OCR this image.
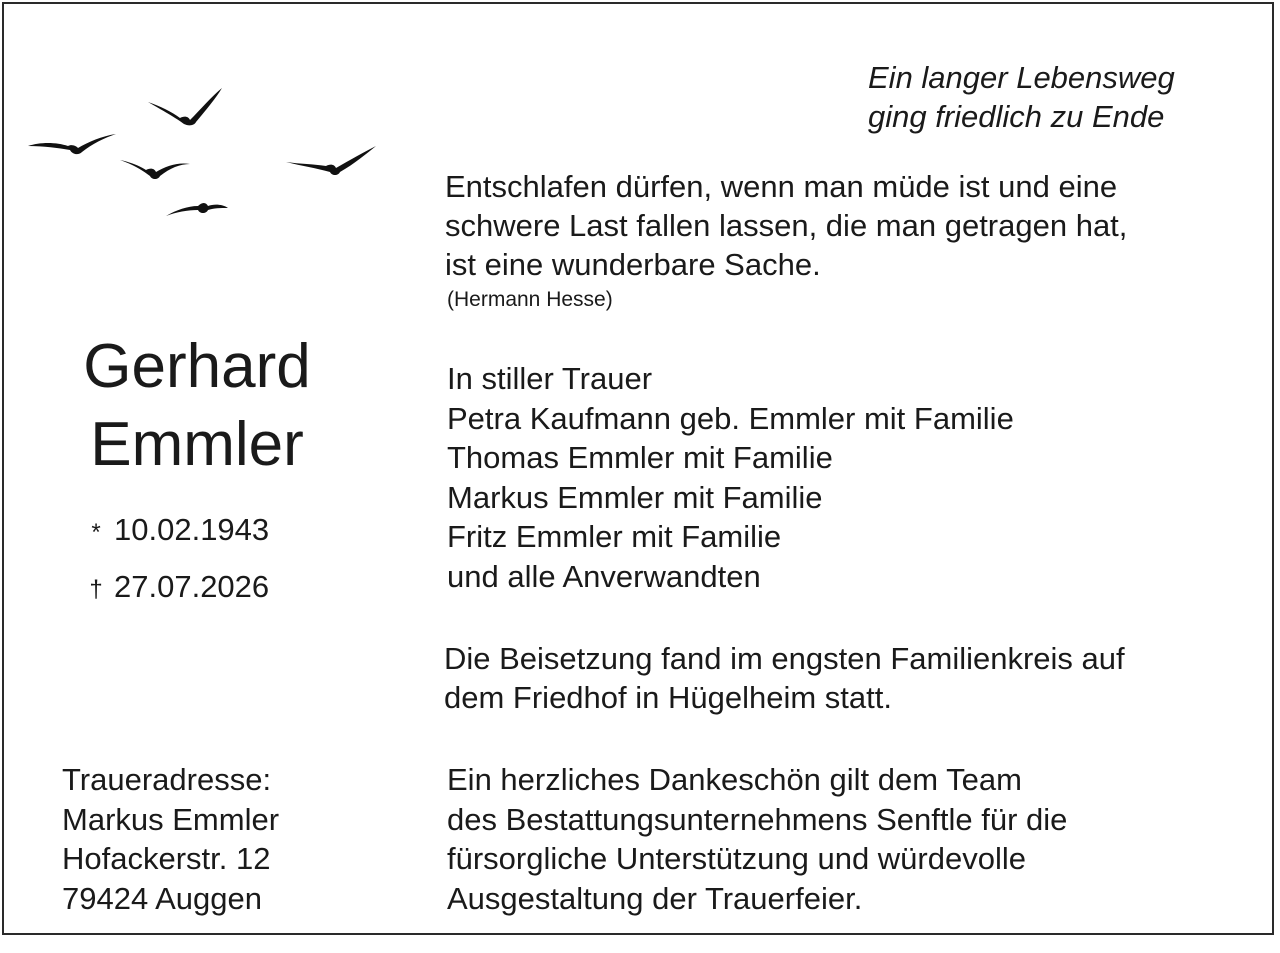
Ein langer Lebensweg
ging friedlich zu Ende
Entschlafen dürfen, wenn man müde ist und eine
schwere Last fallen lassen, die man getragen hat,
ist eine wunderbare Sache.
(Hermann Hesse)
Gerhard
Emmler
* 10.02.1943
† 27.07.2026
In stiller Trauer
Petra Kaufmann geb. Emmler mit Familie
Thomas Emmler mit Familie
Markus Emmler mit Familie
Fritz Emmler mit Familie
und alle Anverwandten
Die Beisetzung fand im engsten Familienkreis auf
dem Friedhof in Hügelheim statt.
Traueradresse:
Markus Emmler
Hofackerstr. 12
79424 Auggen
Ein herzliches Dankeschön gilt dem Team
des Bestattungsunternehmens Senftle für die
fürsorgliche Unterstützung und würdevolle
Ausgestaltung der Trauerfeier.
